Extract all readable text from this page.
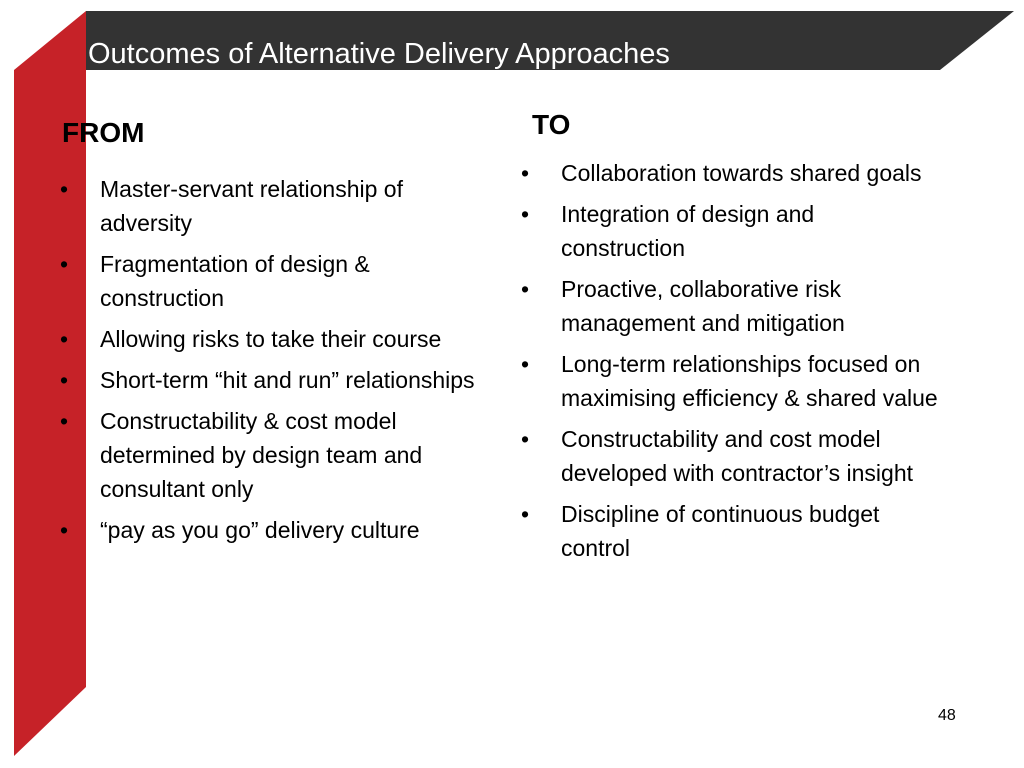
Outcomes of Alternative Delivery Approaches
FROM
• Master-servant relationship of adversity
• Fragmentation of design & construction
• Allowing risks to take their course
• Short-term “hit and run” relationships
• Constructability & cost model determined by design team and consultant only
• “pay as you go” delivery culture
TO
• Collaboration towards shared goals
• Integration of design and construction
• Proactive, collaborative risk management and mitigation
• Long-term relationships focused on maximising efficiency & shared value
• Constructability and cost model developed with contractor’s insight
• Discipline of continuous budget control
48
